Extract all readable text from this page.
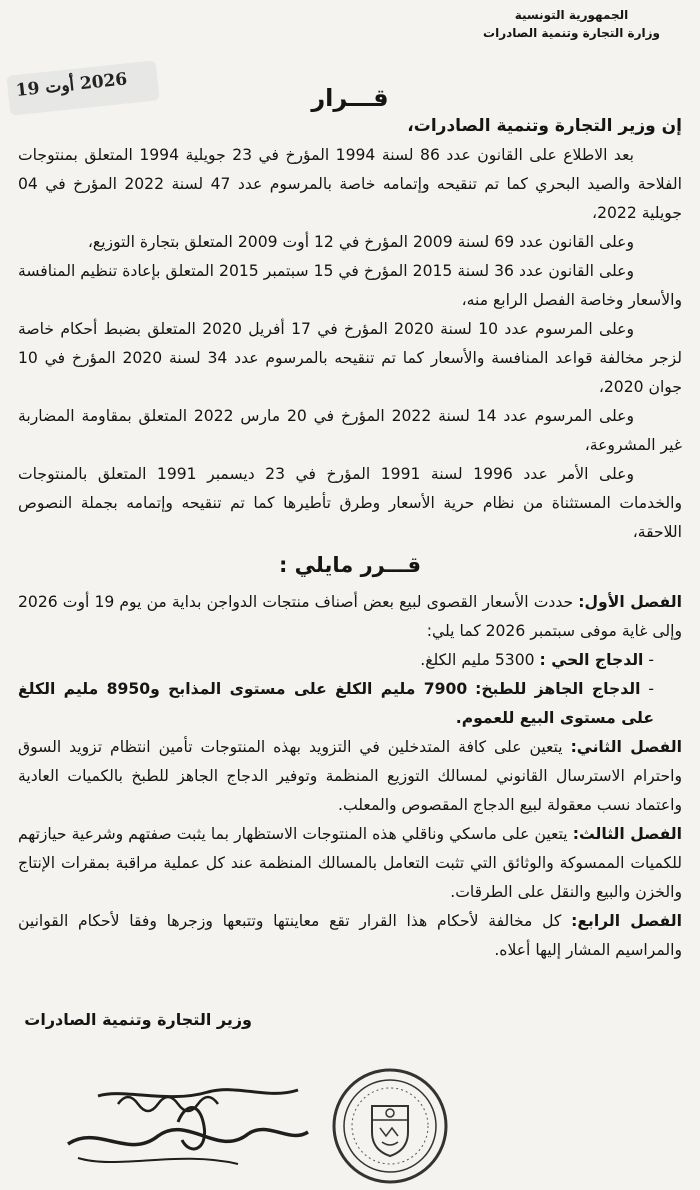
الجمهورية التونسية
وزارة التجارة وتنمية الصادرات
2026 أوت 19
قـــرار

إن وزير التجارة وتنمية الصادرات،

بعد الاطلاع على القانون عدد 86 لسنة 1994 المؤرخ في 23 جويلية 1994 المتعلق بمنتوجات الفلاحة والصيد البحري كما تم تنقيحه وإتمامه خاصة بالمرسوم عدد 47 لسنة 2022 المؤرخ في 04 جويلية 2022،

وعلى القانون عدد 69 لسنة 2009 المؤرخ في 12 أوت 2009 المتعلق بتجارة التوزيع،

وعلى القانون عدد 36 لسنة 2015 المؤرخ في 15 سبتمبر 2015 المتعلق بإعادة تنظيم المنافسة والأسعار وخاصة الفصل الرابع منه،

وعلى المرسوم عدد 10 لسنة 2020 المؤرخ في 17 أفريل 2020 المتعلق بضبط أحكام خاصة لزجر مخالفة قواعد المنافسة والأسعار كما تم تنقيحه بالمرسوم عدد 34 لسنة 2020 المؤرخ في 10 جوان 2020،

وعلى المرسوم عدد 14 لسنة 2022 المؤرخ في 20 مارس 2022 المتعلق بمقاومة المضاربة غير المشروعة،

وعلى الأمر عدد 1996 لسنة 1991 المؤرخ في 23 ديسمبر 1991 المتعلق بالمنتوجات والخدمات المستثناة من نظام حرية الأسعار وطرق تأطيرها كما تم تنقيحه وإتمامه بجملة النصوص اللاحقة،

قـــرر مايلي :

الفصل الأول: حددت الأسعار القصوى لبيع بعض أصناف منتجات الدواجن بداية من يوم 19 أوت 2026 وإلى غاية موفى سبتمبر 2026 كما يلي:

- الدجاج الحي : 5300 مليم الكلغ.

- الدجاج الجاهز للطبخ: 7900 مليم الكلغ على مستوى المذابح و8950 مليم الكلغ على مستوى البيع للعموم.

الفصل الثاني: يتعين على كافة المتدخلين في التزويد بهذه المنتوجات تأمين انتظام تزويد السوق واحترام الاسترسال القانوني لمسالك التوزيع المنظمة وتوفير الدجاج الجاهز للطبخ بالكميات العادية واعتماد نسب معقولة لبيع الدجاج المقصوص والمعلب.

الفصل الثالث: يتعين على ماسكي وناقلي هذه المنتوجات الاستظهار بما يثبت صفتهم وشرعية حيازتهم للكميات الممسوكة والوثائق التي تثبت التعامل بالمسالك المنظمة عند كل عملية مراقبة بمقرات الإنتاج والخزن والبيع والنقل على الطرقات.

الفصل الرابع: كل مخالفة لأحكام هذا القرار تقع معاينتها وتتبعها وزجرها وفقا لأحكام القوانين والمراسيم المشار إليها أعلاه.

وزير التجارة وتنمية الصادرات
